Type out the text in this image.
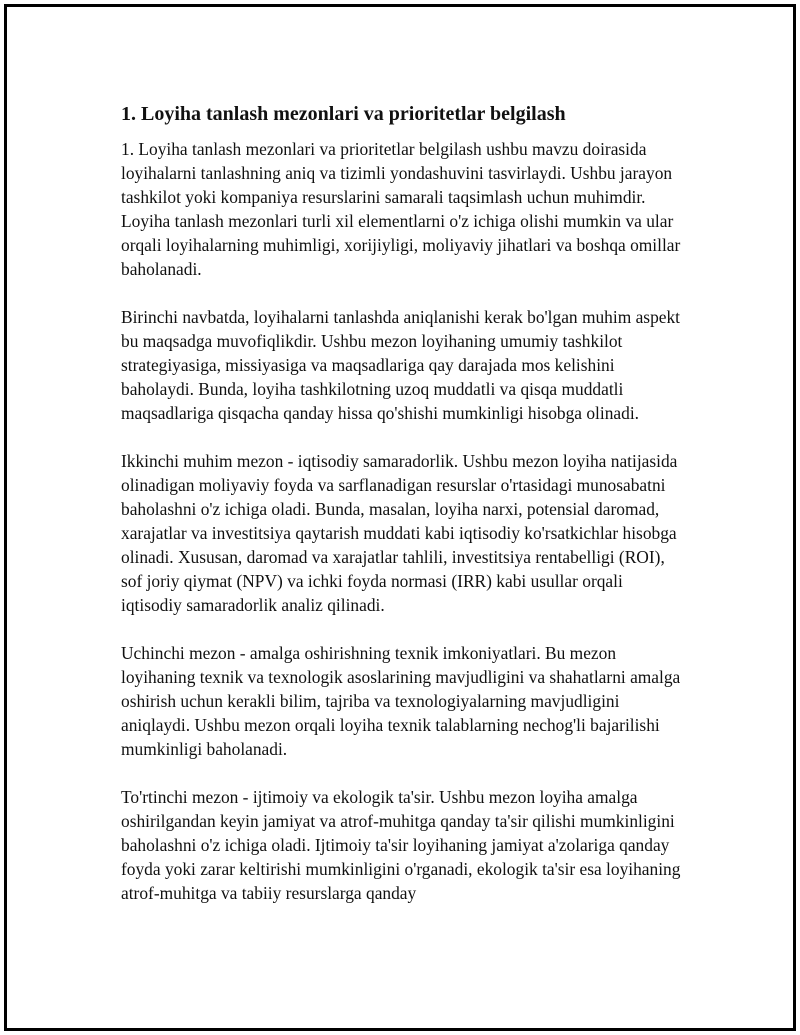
1. Loyiha tanlash mezonlari va prioritetlar belgilash

1. Loyiha tanlash mezonlari va prioritetlar belgilash ushbu mavzu doirasida loyihalarni tanlashning aniq va tizimli yondashuvini tasvirlaydi. Ushbu jarayon tashkilot yoki kompaniya resurslarini samarali taqsimlash uchun muhimdir. Loyiha tanlash mezonlari turli xil elementlarni o'z ichiga olishi mumkin va ular orqali loyihalarning muhimligi, xorijiyligi, moliyaviy jihatlari va boshqa omillar baholanadi.

Birinchi navbatda, loyihalarni tanlashda aniqlanishi kerak bo'lgan muhim aspekt bu maqsadga muvofiqlikdir. Ushbu mezon loyihaning umumiy tashkilot strategiyasiga, missiyasiga va maqsadlariga qay darajada mos kelishini baholaydi. Bunda, loyiha tashkilotning uzoq muddatli va qisqa muddatli maqsadlariga qisqacha qanday hissa qo'shishi mumkinligi hisobga olinadi.

Ikkinchi muhim mezon - iqtisodiy samaradorlik. Ushbu mezon loyiha natijasida olinadigan moliyaviy foyda va sarflanadigan resurslar o'rtasidagi munosabatni baholashni o'z ichiga oladi. Bunda, masalan, loyiha narxi, potensial daromad, xarajatlar va investitsiya qaytarish muddati kabi iqtisodiy ko'rsatkichlar hisobga olinadi. Xususan, daromad va xarajatlar tahlili, investitsiya rentabelligi (ROI), sof joriy qiymat (NPV) va ichki foyda normasi (IRR) kabi usullar orqali iqtisodiy samaradorlik analiz qilinadi.

Uchinchi mezon - amalga oshirishning texnik imkoniyatlari. Bu mezon loyihaning texnik va texnologik asoslarining mavjudligini va shahatlarni amalga oshirish uchun kerakli bilim, tajriba va texnologiyalarning mavjudligini aniqlaydi. Ushbu mezon orqali loyiha texnik talablarning nechog'li bajarilishi mumkinligi baholanadi.

To'rtinchi mezon - ijtimoiy va ekologik ta'sir. Ushbu mezon loyiha amalga oshirilgandan keyin jamiyat va atrof-muhitga qanday ta'sir qilishi mumkinligini baholashni o'z ichiga oladi. Ijtimoiy ta'sir loyihaning jamiyat a'zolariga qanday foyda yoki zarar keltirishi mumkinligini o'rganadi, ekologik ta'sir esa loyihaning atrof-muhitga va tabiiy resurslarga qanday
